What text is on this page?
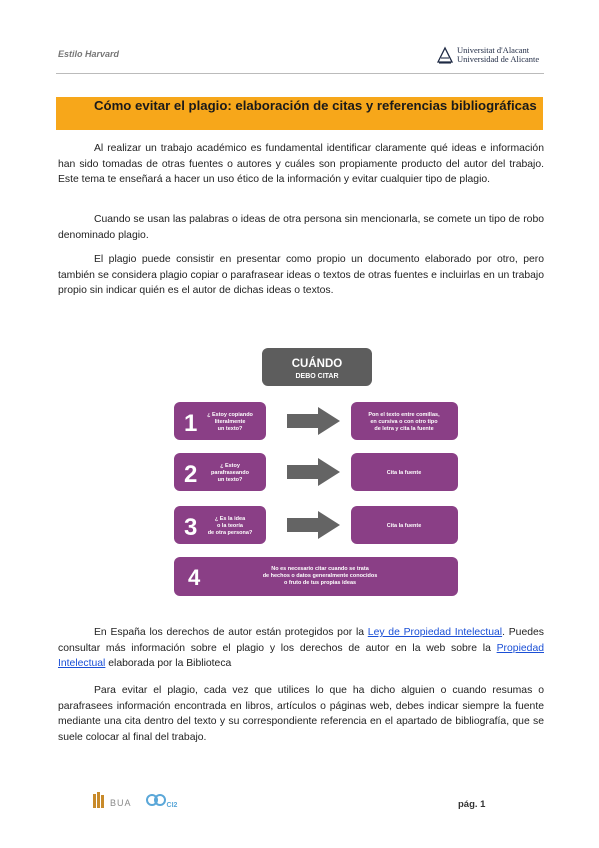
Estilo Harvard	Universitat d'Alacant
Universidad de Alicante
Cómo evitar el plagio: elaboración de citas y referencias bibliográficas
Al realizar un trabajo académico es fundamental identificar claramente qué ideas e información han sido tomadas de otras fuentes o autores y cuáles son propiamente producto del autor del trabajo. Este tema te enseñará a hacer un uso ético de la información y evitar cualquier tipo de plagio.
Cuando se usan las palabras o ideas de otra persona sin mencionarla, se comete un tipo de robo denominado plagio.
El plagio puede consistir en presentar como propio un documento elaborado por otro, pero también se considera plagio copiar o parafrasear ideas o textos de otras fuentes e incluirlas en un trabajo propio sin indicar quién es el autor de dichas ideas o textos.
CUÁNDO
DEBO CITAR
1 ¿ Estoy copiando
literalmente
un texto?
Pon el texto entre comillas,
en cursiva o con otro tipo
de letra y cita la fuente
2	¿ Estoy
parafraseando
un texto?
Cita la fuente
3	¿ Es la idea
o la teoría
de otra persona?
Cita la fuente
4	No es necesario citar cuando se trata
de hechos o datos generalmente conocidos
o fruto de tus propias ideas
En España los derechos de autor están protegidos por la Ley de Propiedad Intelectual. Puedes consultar más información sobre el plagio y los derechos de autor en la web sobre la Propiedad Intelectual elaborada por la Biblioteca
Para evitar el plagio, cada vez que utilices lo que ha dicho alguien o cuando resumas o parafrasees información encontrada en libros, artículos o páginas web, debes indicar siempre la fuente mediante una cita dentro del texto y su correspondiente referencia en el apartado de bibliografía, que se suele colocar al final del trabajo.
BUA	CI2	pág. 1
